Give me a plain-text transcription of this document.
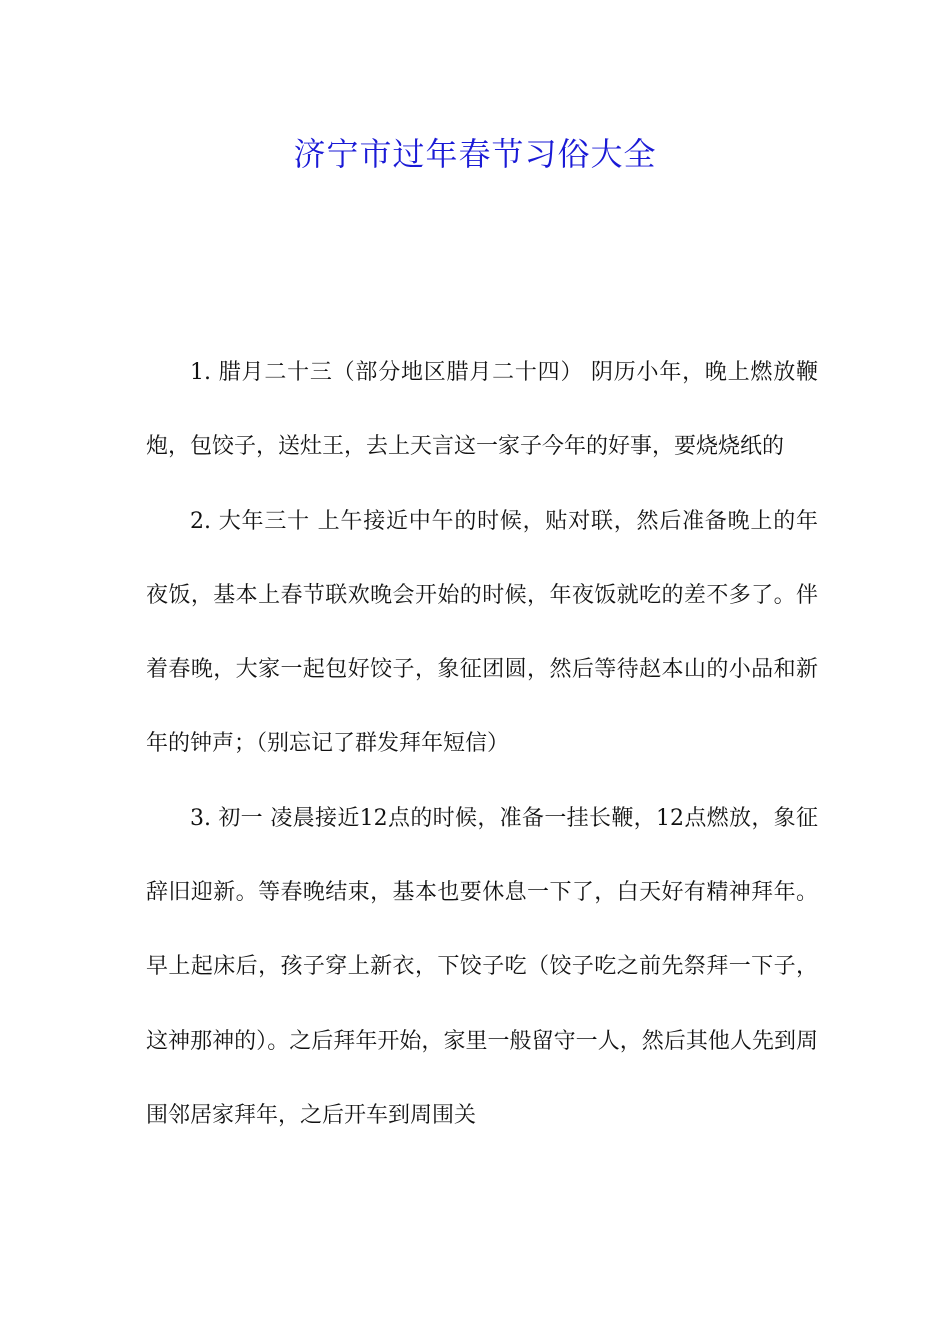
济宁市过年春节习俗大全

1. 腊月二十三（部分地区腊月二十四） 阴历小年，晚上燃放鞭炮，包饺子，送灶王，去上天言这一家子今年的好事，要烧烧纸的

2. 大年三十 上午接近中午的时候，贴对联，然后准备晚上的年夜饭，基本上春节联欢晚会开始的时候，年夜饭就吃的差不多了。伴着春晚，大家一起包好饺子，象征团圆，然后等待赵本山的小品和新年的钟声；（别忘记了群发拜年短信）

3. 初一 凌晨接近12点的时候，准备一挂长鞭，12点燃放，象征辞旧迎新。等春晚结束，基本也要休息一下了，白天好有精神拜年。早上起床后，孩子穿上新衣，下饺子吃（饺子吃之前先祭拜一下子，这神那神的）。之后拜年开始，家里一般留守一人，然后其他人先到周围邻居家拜年，之后开车到周围关
